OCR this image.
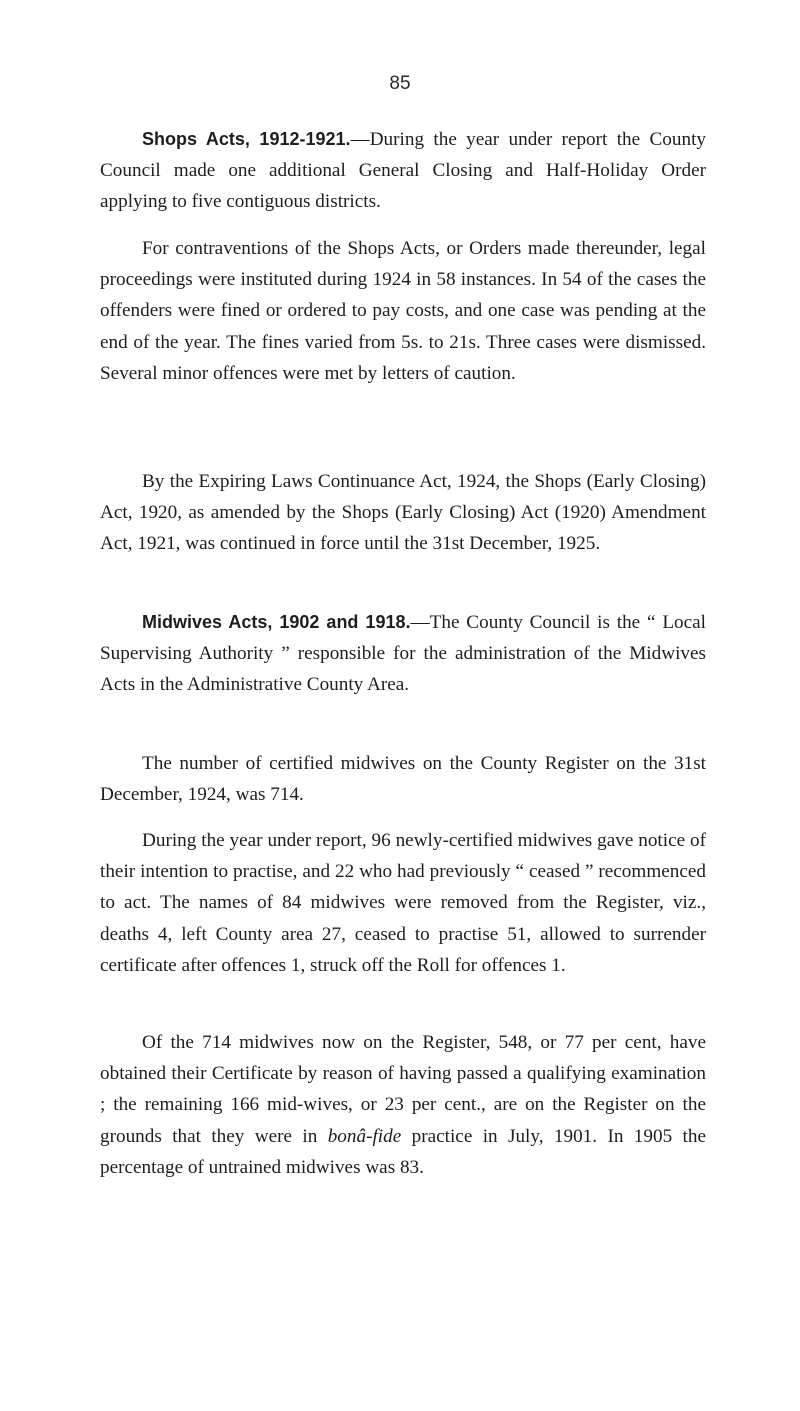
85

Shops Acts, 1912-1921.—During the year under report the County Council made one additional General Closing and Half-Holiday Order applying to five contiguous districts.

For contraventions of the Shops Acts, or Orders made thereunder, legal proceedings were instituted during 1924 in 58 instances. In 54 of the cases the offenders were fined or ordered to pay costs, and one case was pending at the end of the year. The fines varied from 5s. to 21s. Three cases were dismissed. Several minor offences were met by letters of caution.

By the Expiring Laws Continuance Act, 1924, the Shops (Early Closing) Act, 1920, as amended by the Shops (Early Closing) Act (1920) Amendment Act, 1921, was continued in force until the 31st December, 1925.

Midwives Acts, 1902 and 1918.—The County Council is the “ Local Supervising Authority ” responsible for the administration of the Midwives Acts in the Administrative County Area.

The number of certified midwives on the County Register on the 31st December, 1924, was 714.

During the year under report, 96 newly-certified midwives gave notice of their intention to practise, and 22 who had previously “ ceased ” recommenced to act. The names of 84 midwives were removed from the Register, viz., deaths 4, left County area 27, ceased to practise 51, allowed to surrender certificate after offences 1, struck off the Roll for offences 1.

Of the 714 midwives now on the Register, 548, or 77 per cent, have obtained their Certificate by reason of having passed a qualifying examination ; the remaining 166 mid-wives, or 23 per cent., are on the Register on the grounds that they were in bonâ-fide practice in July, 1901. In 1905 the percentage of untrained midwives was 83.
